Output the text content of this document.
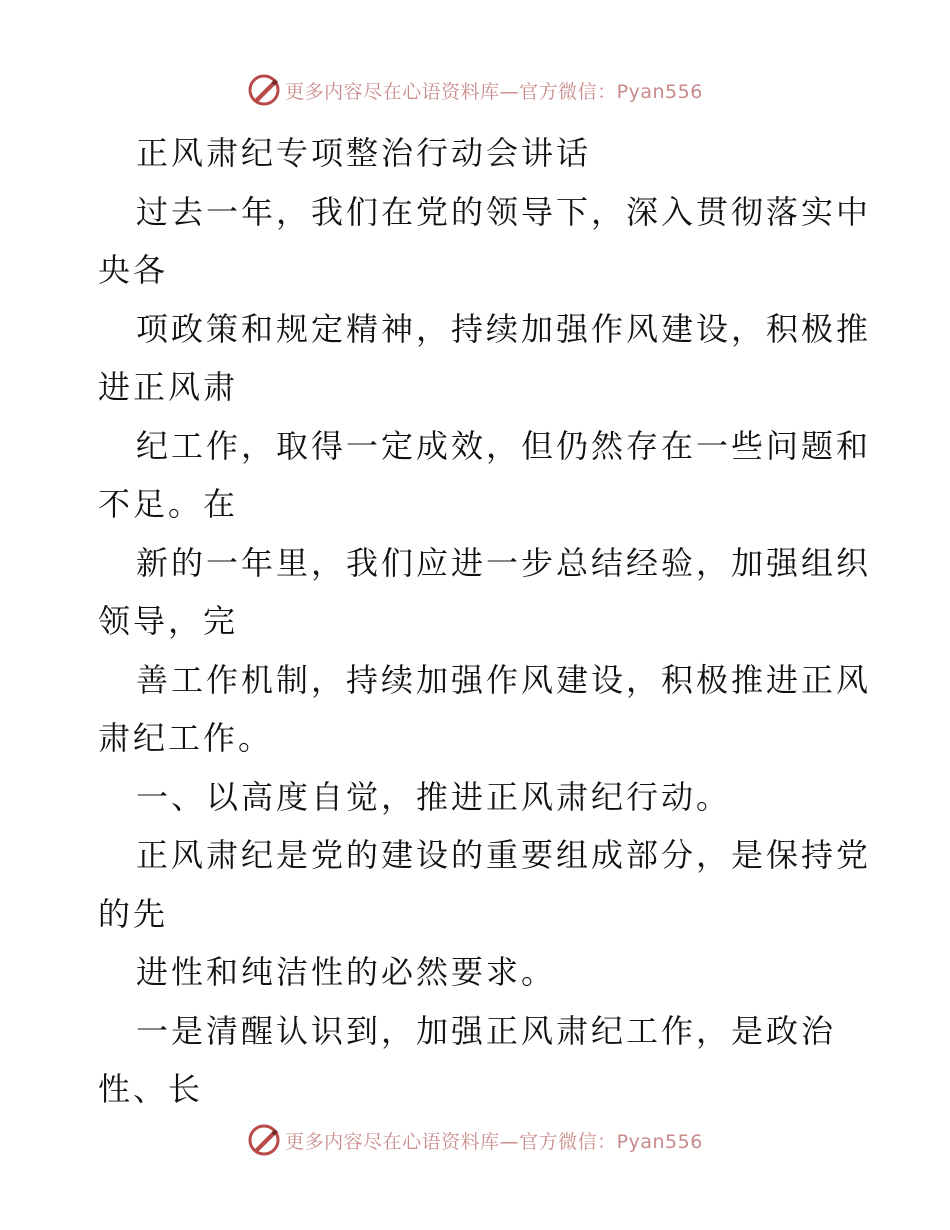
更多内容尽在心语资料库—官方微信：Pyan556
正风肃纪专项整治行动会讲话
过去一年，我们在党的领导下，深入贯彻落实中
央各
项政策和规定精神，持续加强作风建设，积极推
进正风肃
纪工作，取得一定成效，但仍然存在一些问题和
不足。在
新的一年里，我们应进一步总结经验，加强组织
领导，完
善工作机制，持续加强作风建设，积极推进正风
肃纪工作。
一、以高度自觉，推进正风肃纪行动。
正风肃纪是党的建设的重要组成部分，是保持党
的先
进性和纯洁性的必然要求。
一是清醒认识到，加强正风肃纪工作，是政治
性、长
更多内容尽在心语资料库—官方微信：Pyan556
